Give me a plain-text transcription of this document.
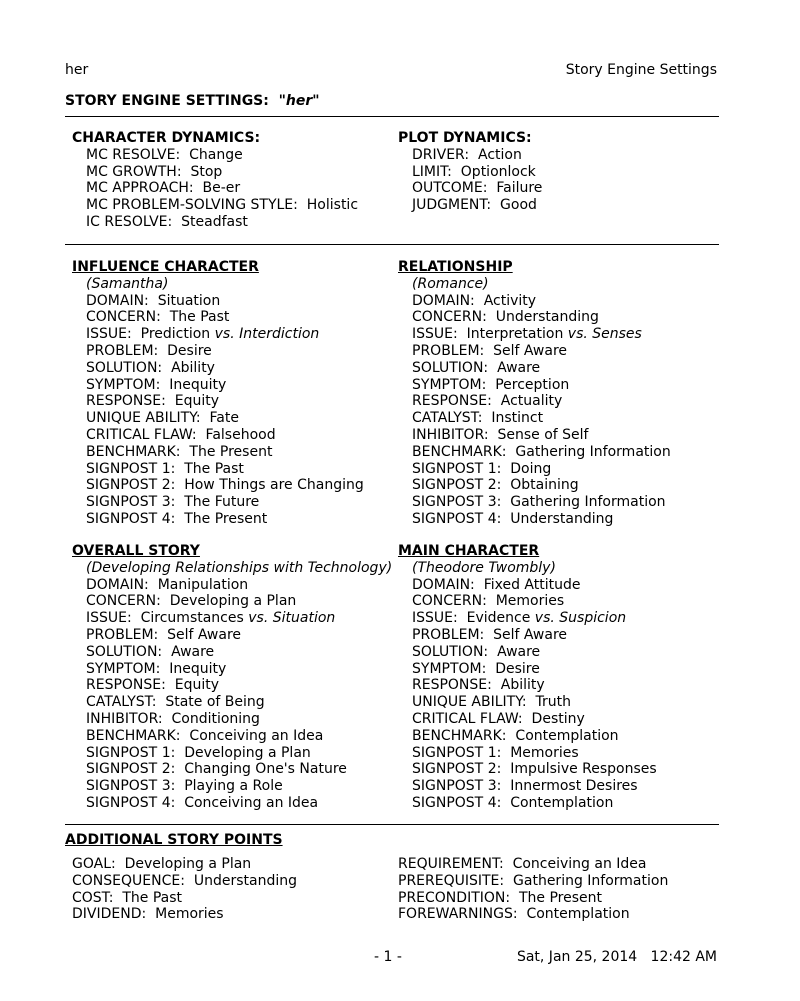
her	Story Engine Settings
STORY ENGINE SETTINGS: "her"
CHARACTER DYNAMICS:
MC RESOLVE: Change
MC GROWTH: Stop
MC APPROACH: Be-er
MC PROBLEM-SOLVING STYLE: Holistic
IC RESOLVE: Steadfast
PLOT DYNAMICS:
DRIVER: Action
LIMIT: Optionlock
OUTCOME: Failure
JUDGMENT: Good
INFLUENCE CHARACTER
(Samantha)
DOMAIN: Situation
CONCERN: The Past
ISSUE: Prediction vs. Interdiction
PROBLEM: Desire
SOLUTION: Ability
SYMPTOM: Inequity
RESPONSE: Equity
UNIQUE ABILITY: Fate
CRITICAL FLAW: Falsehood
BENCHMARK: The Present
SIGNPOST 1: The Past
SIGNPOST 2: How Things are Changing
SIGNPOST 3: The Future
SIGNPOST 4: The Present
RELATIONSHIP
(Romance)
DOMAIN: Activity
CONCERN: Understanding
ISSUE: Interpretation vs. Senses
PROBLEM: Self Aware
SOLUTION: Aware
SYMPTOM: Perception
RESPONSE: Actuality
CATALYST: Instinct
INHIBITOR: Sense of Self
BENCHMARK: Gathering Information
SIGNPOST 1: Doing
SIGNPOST 2: Obtaining
SIGNPOST 3: Gathering Information
SIGNPOST 4: Understanding
OVERALL STORY
(Developing Relationships with Technology)
DOMAIN: Manipulation
CONCERN: Developing a Plan
ISSUE: Circumstances vs. Situation
PROBLEM: Self Aware
SOLUTION: Aware
SYMPTOM: Inequity
RESPONSE: Equity
CATALYST: State of Being
INHIBITOR: Conditioning
BENCHMARK: Conceiving an Idea
SIGNPOST 1: Developing a Plan
SIGNPOST 2: Changing One's Nature
SIGNPOST 3: Playing a Role
SIGNPOST 4: Conceiving an Idea
MAIN CHARACTER
(Theodore Twombly)
DOMAIN: Fixed Attitude
CONCERN: Memories
ISSUE: Evidence vs. Suspicion
PROBLEM: Self Aware
SOLUTION: Aware
SYMPTOM: Desire
RESPONSE: Ability
UNIQUE ABILITY: Truth
CRITICAL FLAW: Destiny
BENCHMARK: Contemplation
SIGNPOST 1: Memories
SIGNPOST 2: Impulsive Responses
SIGNPOST 3: Innermost Desires
SIGNPOST 4: Contemplation
ADDITIONAL STORY POINTS
GOAL: Developing a Plan
CONSEQUENCE: Understanding
COST: The Past
DIVIDEND: Memories
REQUIREMENT: Conceiving an Idea
PREREQUISITE: Gathering Information
PRECONDITION: The Present
FOREWARNINGS: Contemplation
- 1 -	Sat, Jan 25, 2014 12:42 AM
